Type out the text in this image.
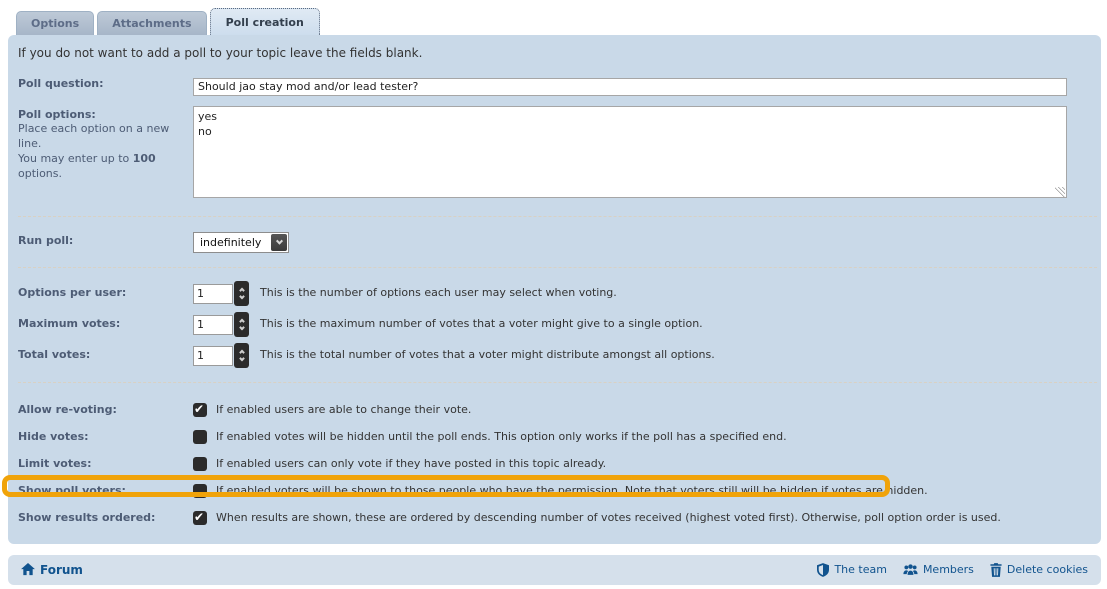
Options	Attachments	Poll creation
If you do not want to add a poll to your topic leave the fields blank.
Poll question:
Should jao stay mod and/or lead tester?
Poll options:
Place each option on a new line.
You may enter up to 100 options.
yes no
Run poll:	indefinitely
Options per user:
1	This is the number of options each user may select when voting.
Maximum votes:
1	This is the maximum number of votes that a voter might give to a single option.
Total votes:
1	This is the total number of votes that a voter might distribute amongst all options.
Allow re-voting: ✔	If enabled users are able to change their vote.
Hide votes:	If enabled votes will be hidden until the poll ends. This option only works if the poll has a specified end.
Limit votes:	If enabled users can only vote if they have posted in this topic already.
Show poll voters:	If enabled voters will be shown to those people who have the permission. Note that voters still will be hidden if votes are hidden.
Show results ordered: ✔	When results are shown, these are ordered by descending number of votes received (highest voted first). Otherwise, poll option order is used.
Forum	The team	Members	Delete cookies
